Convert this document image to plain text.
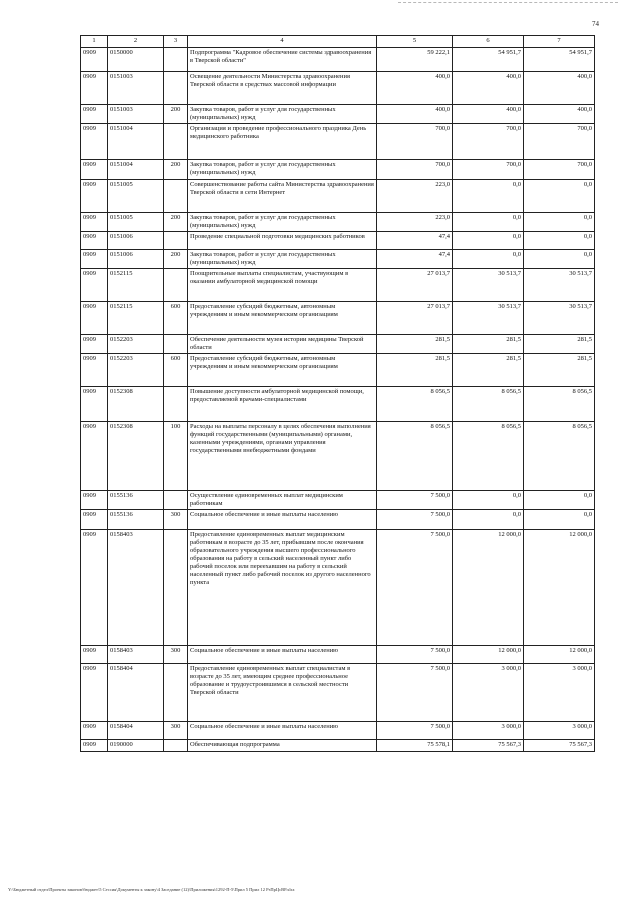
74
1	2	3	4	5	6	7
0909	0150000		Подпрограмма "Кадровое обеспечение системы здравоохранения в Тверской области"	59 222,1	54 951,7	54 951,7
0909	0151003		Освещение деятельности Министерства здравоохранения Тверской области в средствах массовой информации	400,0	400,0	400,0
0909	0151003	200	Закупка товаров, работ и услуг для государственных (муниципальных) нужд	400,0	400,0	400,0
0909	0151004		Организация и проведение профессионального праздника День медицинского работника	700,0	700,0	700,0
0909	0151004	200	Закупка товаров, работ и услуг для государственных (муниципальных) нужд	700,0	700,0	700,0
0909	0151005		Совершенствование работы сайта Министерства здравоохранения Тверской области в сети Интернет	223,0	0,0	0,0
0909	0151005	200	Закупка товаров, работ и услуг для государственных (муниципальных) нужд	223,0	0,0	0,0
0909	0151006		Проведение специальной подготовки медицинских работников	47,4	0,0	0,0
0909	0151006	200	Закупка товаров, работ и услуг для государственных (муниципальных) нужд	47,4	0,0	0,0
0909	0152115		Поощрительные выплаты специалистам, участвующим в оказании амбулаторной медицинской помощи	27 013,7	30 513,7	30 513,7
0909	0152115	600	Предоставление субсидий бюджетным, автономным учреждениям и иным некоммерческим организациям	27 013,7	30 513,7	30 513,7
0909	0152203		Обеспечение деятельности музея истории медицины Тверской области	281,5	281,5	281,5
0909	0152203	600	Предоставление субсидий бюджетным, автономным учреждениям и иным некоммерческим организациям	281,5	281,5	281,5
0909	0152308		Повышение доступности амбулаторной медицинской помощи, предоставляемой врачами-специалистами	8 056,5	8 056,5	8 056,5
0909	0152308	100	Расходы на выплаты персоналу в целях обеспечения выполнения функций государственными (муниципальными) органами, казенными учреждениями, органами управления государственными внебюджетными фондами	8 056,5	8 056,5	8 056,5
0909	0155136		Осуществление единовременных выплат медицинским работникам	7 500,0	0,0	0,0
0909	0155136	300	Социальное обеспечение и иные выплаты населению	7 500,0	0,0	0,0
0909	0158403		Предоставление единовременных выплат медицинским работникам в возрасте до 35 лет, прибывшим после окончания образовательного учреждения высшего профессионального образования на работу в сельский населенный пункт либо рабочий поселок или переехавшим на работу в сельский населенный пункт либо рабочий поселок из другого населенного пункта	7 500,0	12 000,0	12 000,0
0909	0158403	300	Социальное обеспечение и иные выплаты населению	7 500,0	12 000,0	12 000,0
0909	0158404		Предоставление единовременных выплат специалистам в возрасте до 35 лет, имеющим среднее профессиональное образование и трудоустроившимся в сельской местности Тверской области	7 500,0	3 000,0	3 000,0
0909	0158404	300	Социальное обеспечение и иные выплаты населению	7 500,0	3 000,0	3 000,0
0909	0190000		Обеспечивающая подпрограмма	75 578,1	75 567,3	75 567,3
Y:\Бюджетный отдел\Проекты законов\бюджет\5 Сессия\Документы к закону\4 Заседание (12)\Приложения\1292-П-5\Прил 5 Прил 12 РзПрЦсВР.xlsx
